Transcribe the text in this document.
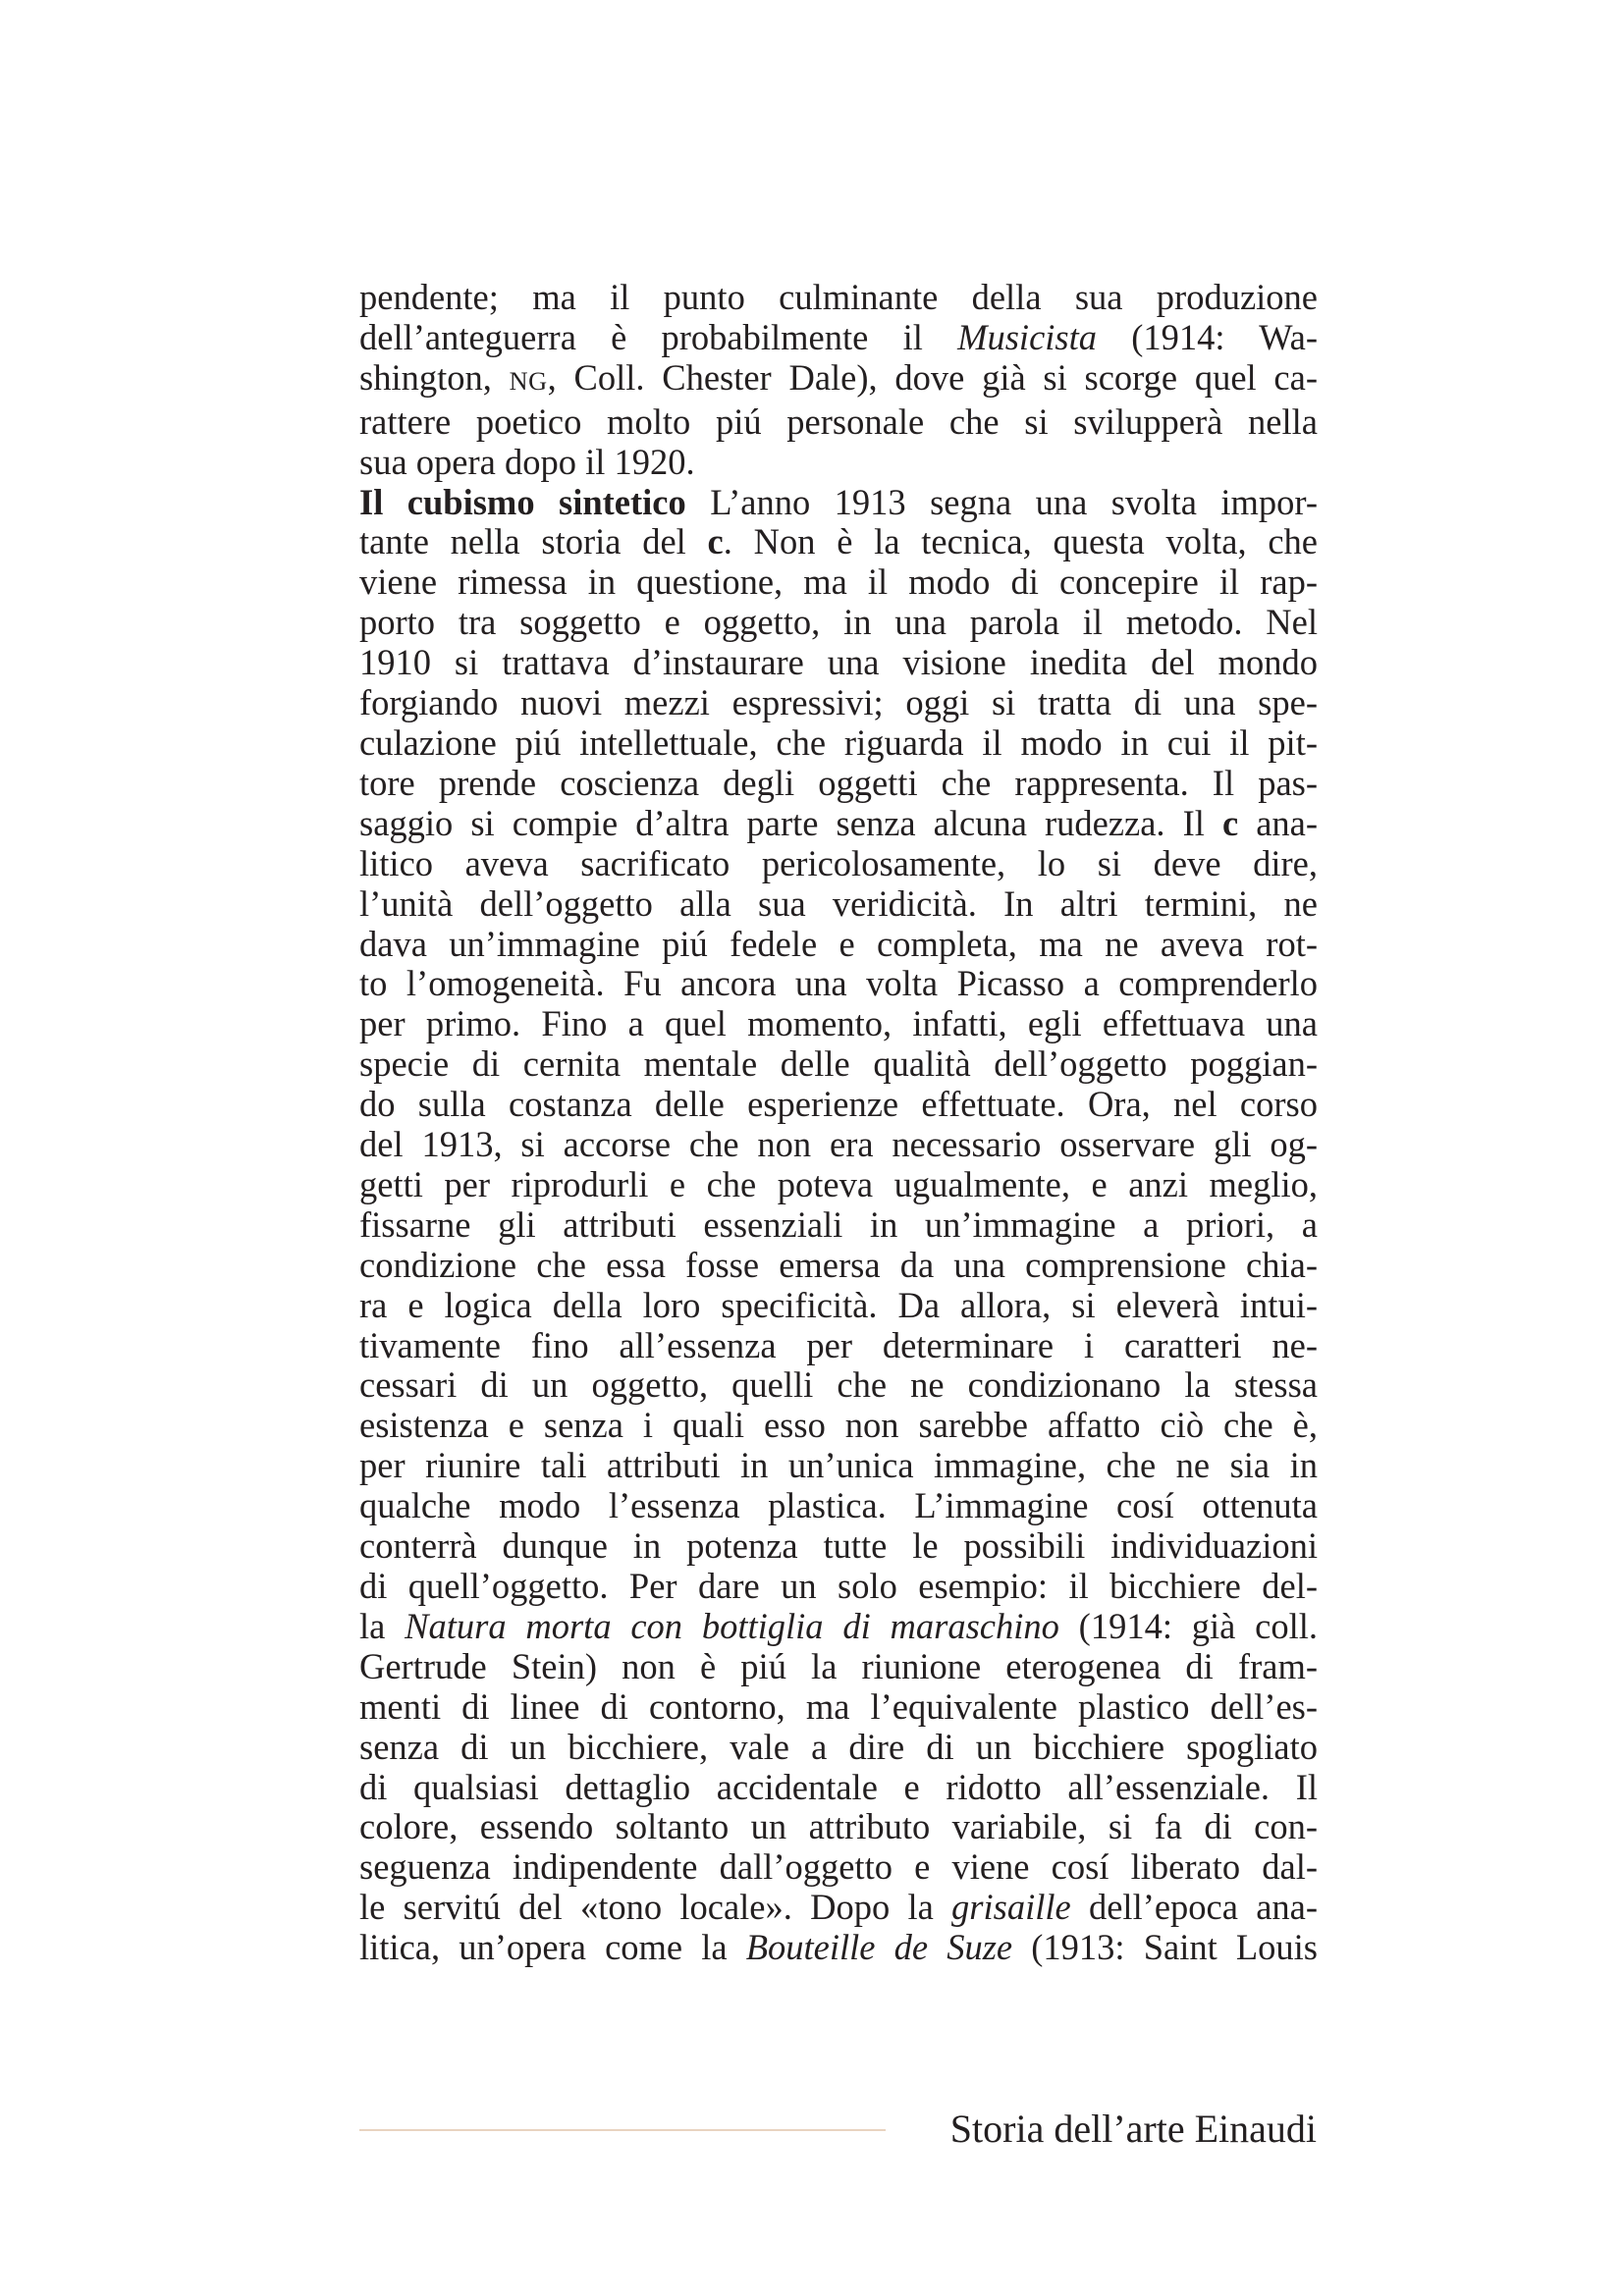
pendente; ma il punto culminante della sua produzione
dell’anteguerra è probabilmente il Musicista (1914: Wa-
shington, NG, Coll. Chester Dale), dove già si scorge quel ca-
rattere poetico molto piú personale che si svilupperà nella
sua opera dopo il 1920.
Il cubismo sintetico L’anno 1913 segna una svolta impor-
tante nella storia del c. Non è la tecnica, questa volta, che
viene rimessa in questione, ma il modo di concepire il rap-
porto tra soggetto e oggetto, in una parola il metodo. Nel
1910 si trattava d’instaurare una visione inedita del mondo
forgiando nuovi mezzi espressivi; oggi si tratta di una spe-
culazione piú intellettuale, che riguarda il modo in cui il pit-
tore prende coscienza degli oggetti che rappresenta. Il pas-
saggio si compie d’altra parte senza alcuna rudezza. Il c ana-
litico aveva sacrificato pericolosamente, lo si deve dire,
l’unità dell’oggetto alla sua veridicità. In altri termini, ne
dava un’immagine piú fedele e completa, ma ne aveva rot-
to l’omogeneità. Fu ancora una volta Picasso a comprenderlo
per primo. Fino a quel momento, infatti, egli effettuava una
specie di cernita mentale delle qualità dell’oggetto poggian-
do sulla costanza delle esperienze effettuate. Ora, nel corso
del 1913, si accorse che non era necessario osservare gli og-
getti per riprodurli e che poteva ugualmente, e anzi meglio,
fissarne gli attributi essenziali in un’immagine a priori, a
condizione che essa fosse emersa da una comprensione chia-
ra e logica della loro specificità. Da allora, si eleverà intui-
tivamente fino all’essenza per determinare i caratteri ne-
cessari di un oggetto, quelli che ne condizionano la stessa
esistenza e senza i quali esso non sarebbe affatto ciò che è,
per riunire tali attributi in un’unica immagine, che ne sia in
qualche modo l’essenza plastica. L’immagine cosí ottenuta
conterrà dunque in potenza tutte le possibili individuazioni
di quell’oggetto. Per dare un solo esempio: il bicchiere del-
la Natura morta con bottiglia di maraschino (1914: già coll.
Gertrude Stein) non è piú la riunione eterogenea di fram-
menti di linee di contorno, ma l’equivalente plastico dell’es-
senza di un bicchiere, vale a dire di un bicchiere spogliato
di qualsiasi dettaglio accidentale e ridotto all’essenziale. Il
colore, essendo soltanto un attributo variabile, si fa di con-
seguenza indipendente dall’oggetto e viene cosí liberato dal-
le servitú del «tono locale». Dopo la grisaille dell’epoca ana-
litica, un’opera come la Bouteille de Suze (1913: Saint Louis
Storia dell’arte Einaudi
